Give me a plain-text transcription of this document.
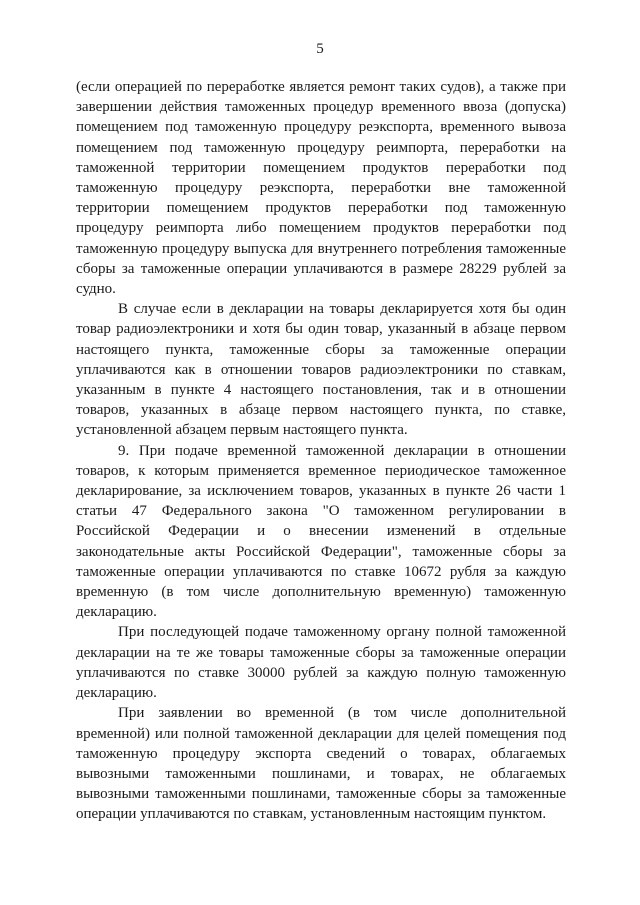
5

(если операцией по переработке является ремонт таких судов), а также при завершении действия таможенных процедур временного ввоза (допуска) помещением под таможенную процедуру реэкспорта, временного вывоза помещением под таможенную процедуру реимпорта, переработки на таможенной территории помещением продуктов переработки под таможенную процедуру реэкспорта, переработки вне таможенной территории помещением продуктов переработки под таможенную процедуру реимпорта либо помещением продуктов переработки под таможенную процедуру выпуска для внутреннего потребления таможенные сборы за таможенные операции уплачиваются в размере 28229 рублей за судно.

В случае если в декларации на товары декларируется хотя бы один товар радиоэлектроники и хотя бы один товар, указанный в абзаце первом настоящего пункта, таможенные сборы за таможенные операции уплачиваются как в отношении товаров радиоэлектроники по ставкам, указанным в пункте 4 настоящего постановления, так и в отношении товаров, указанных в абзаце первом настоящего пункта, по ставке, установленной абзацем первым настоящего пункта.

9. При подаче временной таможенной декларации в отношении товаров, к которым применяется временное периодическое таможенное декларирование, за исключением товаров, указанных в пункте 26 части 1 статьи 47 Федерального закона "О таможенном регулировании в Российской Федерации и о внесении изменений в отдельные законодательные акты Российской Федерации", таможенные сборы за таможенные операции уплачиваются по ставке 10672 рубля за каждую временную (в том числе дополнительную временную) таможенную декларацию.

При последующей подаче таможенному органу полной таможенной декларации на те же товары таможенные сборы за таможенные операции уплачиваются по ставке 30000 рублей за каждую полную таможенную декларацию.

При заявлении во временной (в том числе дополнительной временной) или полной таможенной декларации для целей помещения под таможенную процедуру экспорта сведений о товарах, облагаемых вывозными таможенными пошлинами, и товарах, не облагаемых вывозными таможенными пошлинами, таможенные сборы за таможенные операции уплачиваются по ставкам, установленным настоящим пунктом.
